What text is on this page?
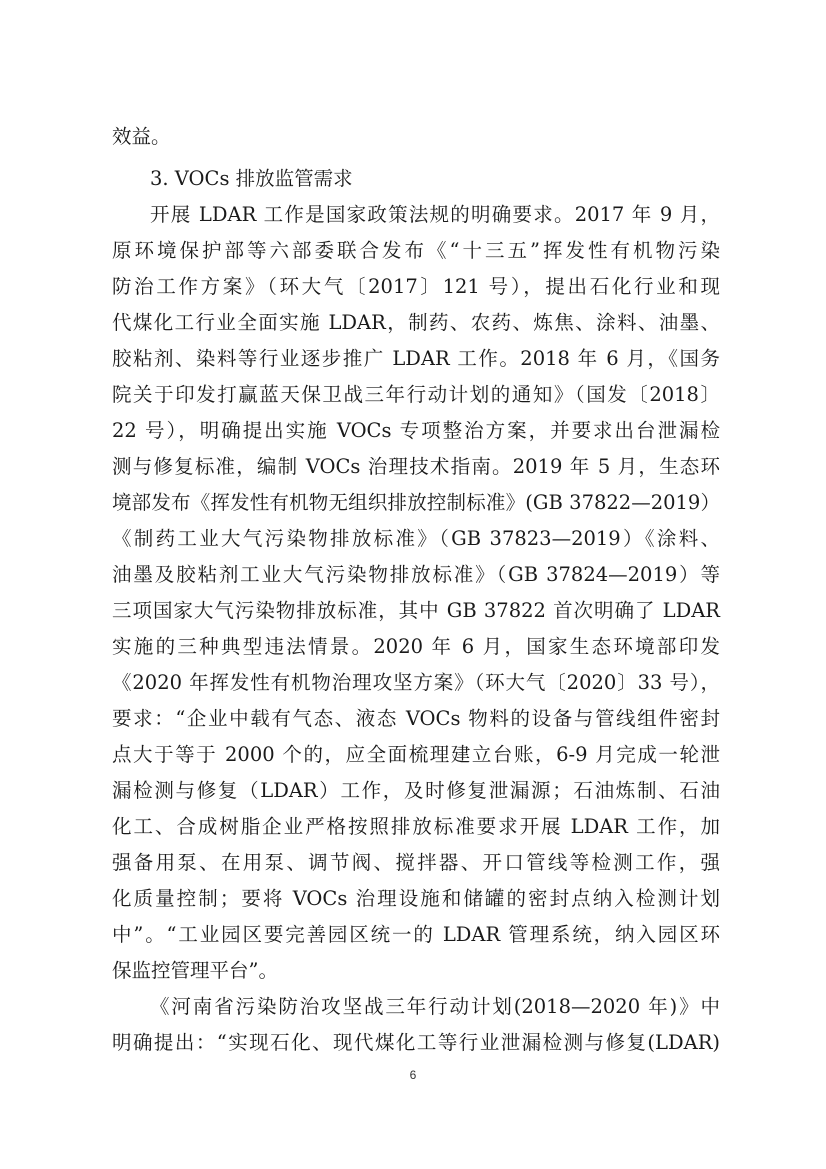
效益。
3. VOCs 排放监管需求
开展 LDAR 工作是国家政策法规的明确要求。2017 年 9 月，
原环境保护部等六部委联合发布《“十三五”挥发性有机物污染
防治工作方案》（环大气〔2017〕121 号），提出石化行业和现
代煤化工行业全面实施 LDAR，制药、农药、炼焦、涂料、油墨、
胶粘剂、染料等行业逐步推广 LDAR 工作。2018 年 6 月，《国务
院关于印发打赢蓝天保卫战三年行动计划的通知》（国发〔2018〕
22 号），明确提出实施 VOCs 专项整治方案，并要求出台泄漏检
测与修复标准，编制 VOCs 治理技术指南。2019 年 5 月，生态环
境部发布《挥发性有机物无组织排放控制标准》(GB 37822—2019）
《制药工业大气污染物排放标准》（GB 37823—2019）《涂料、
油墨及胶粘剂工业大气污染物排放标准》（GB 37824—2019）等
三项国家大气污染物排放标准，其中 GB 37822 首次明确了 LDAR
实施的三种典型违法情景。2020 年 6 月，国家生态环境部印发
《2020 年挥发性有机物治理攻坚方案》（环大气〔2020〕33 号），
要求：“企业中载有气态、液态 VOCs 物料的设备与管线组件密封
点大于等于 2000 个的，应全面梳理建立台账，6-9 月完成一轮泄
漏检测与修复（LDAR）工作，及时修复泄漏源；石油炼制、石油
化工、合成树脂企业严格按照排放标准要求开展 LDAR 工作，加
强备用泵、在用泵、调节阀、搅拌器、开口管线等检测工作，强
化质量控制；要将 VOCs 治理设施和储罐的密封点纳入检测计划
中”。“工业园区要完善园区统一的 LDAR 管理系统，纳入园区环
保监控管理平台”。
《河南省污染防治攻坚战三年行动计划(2018—2020 年)》中
明确提出：“实现石化、现代煤化工等行业泄漏检测与修复(LDAR)
6
